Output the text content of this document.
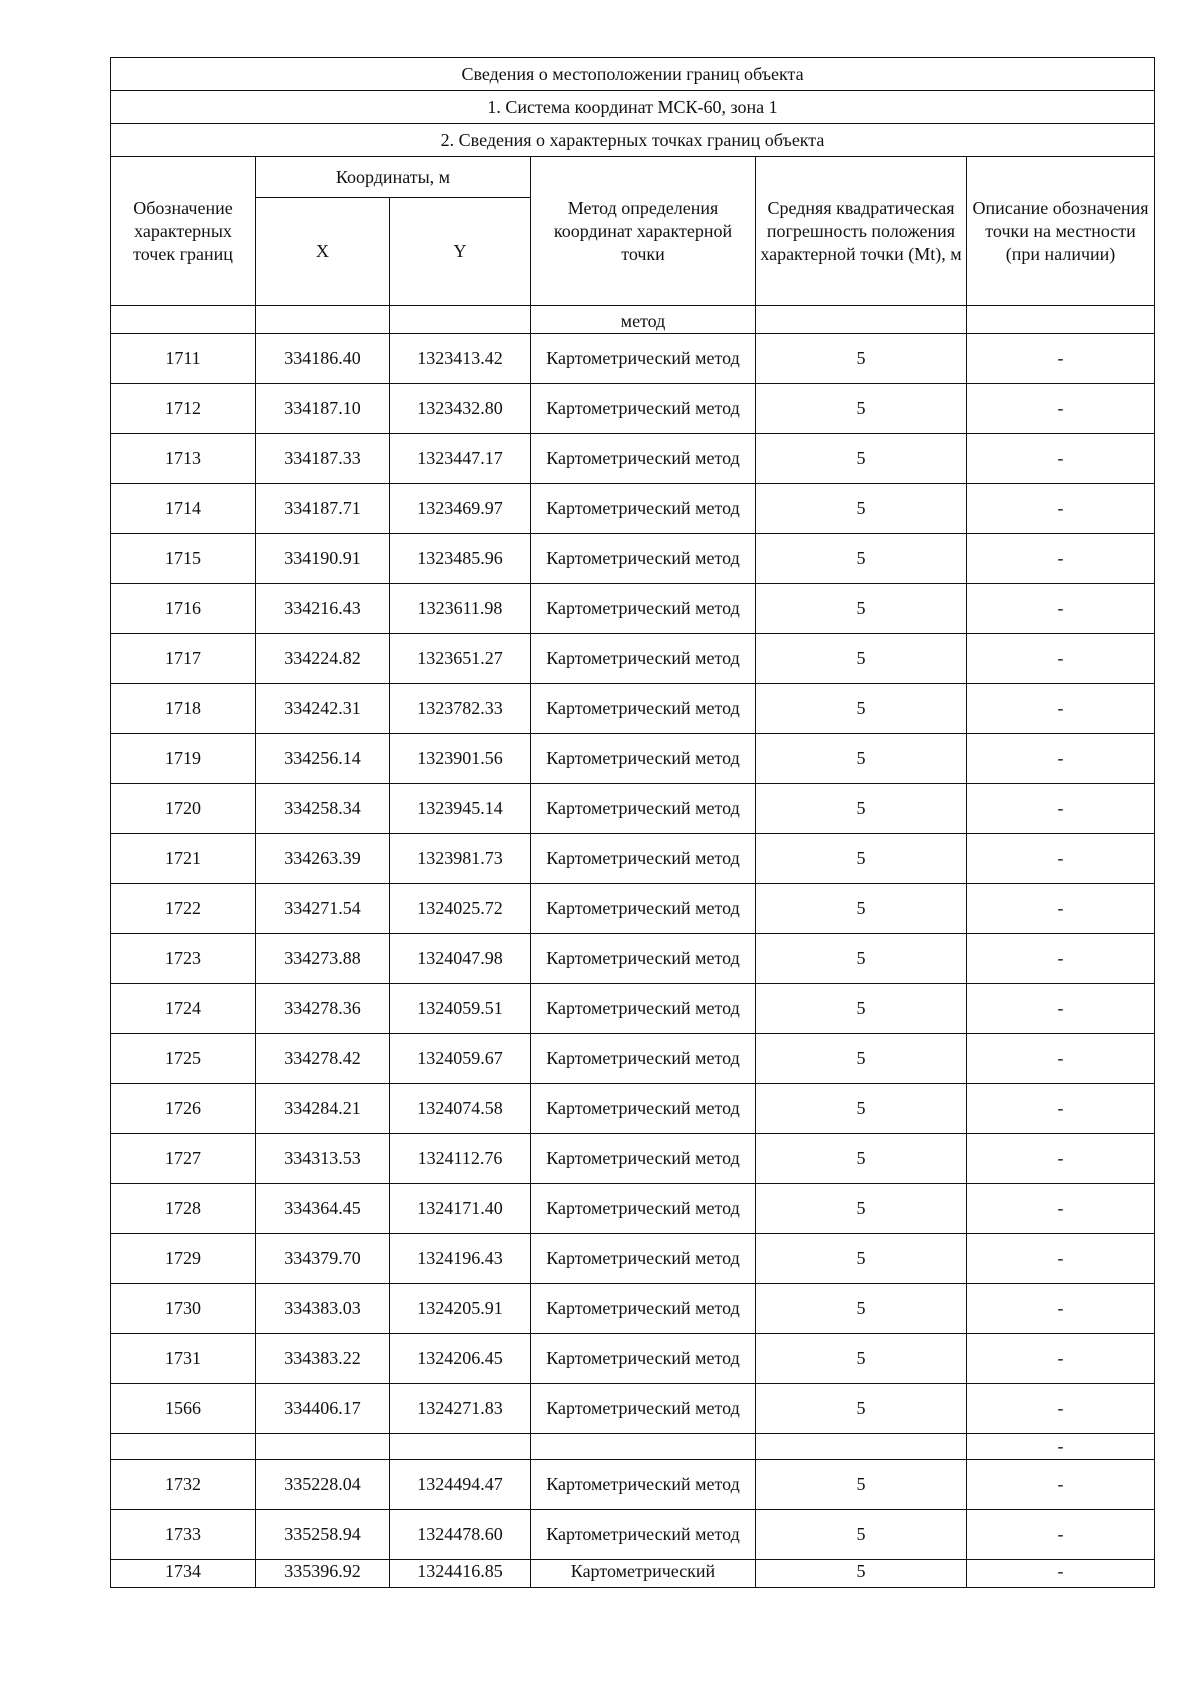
Сведения о местоположении границ объекта					
1. Система координат МСК-60, зона 1					
2. Сведения о характерных точках границ объекта					
Обозначение характерных точек границ	Координаты, м		Метод определения координат характерной точки	Средняя квадратическая погрешность положения характерной точки (Mt), м	Описание обозначения точки на местности (при наличии)
	X	Y			
			метод		
1711	334186.40	1323413.42	Картометрический метод	5	-
1712	334187.10	1323432.80	Картометрический метод	5	-
1713	334187.33	1323447.17	Картометрический метод	5	-
1714	334187.71	1323469.97	Картометрический метод	5	-
1715	334190.91	1323485.96	Картометрический метод	5	-
1716	334216.43	1323611.98	Картометрический метод	5	-
1717	334224.82	1323651.27	Картометрический метод	5	-
1718	334242.31	1323782.33	Картометрический метод	5	-
1719	334256.14	1323901.56	Картометрический метод	5	-
1720	334258.34	1323945.14	Картометрический метод	5	-
1721	334263.39	1323981.73	Картометрический метод	5	-
1722	334271.54	1324025.72	Картометрический метод	5	-
1723	334273.88	1324047.98	Картометрический метод	5	-
1724	334278.36	1324059.51	Картометрический метод	5	-
1725	334278.42	1324059.67	Картометрический метод	5	-
1726	334284.21	1324074.58	Картометрический метод	5	-
1727	334313.53	1324112.76	Картометрический метод	5	-
1728	334364.45	1324171.40	Картометрический метод	5	-
1729	334379.70	1324196.43	Картометрический метод	5	-
1730	334383.03	1324205.91	Картометрический метод	5	-
1731	334383.22	1324206.45	Картометрический метод	5	-
1566	334406.17	1324271.83	Картометрический метод	5	-
					-
1732	335228.04	1324494.47	Картометрический метод	5	-
1733	335258.94	1324478.60	Картометрический метод	5	-
1734	335396.92	1324416.85	Картометрический	5	-
